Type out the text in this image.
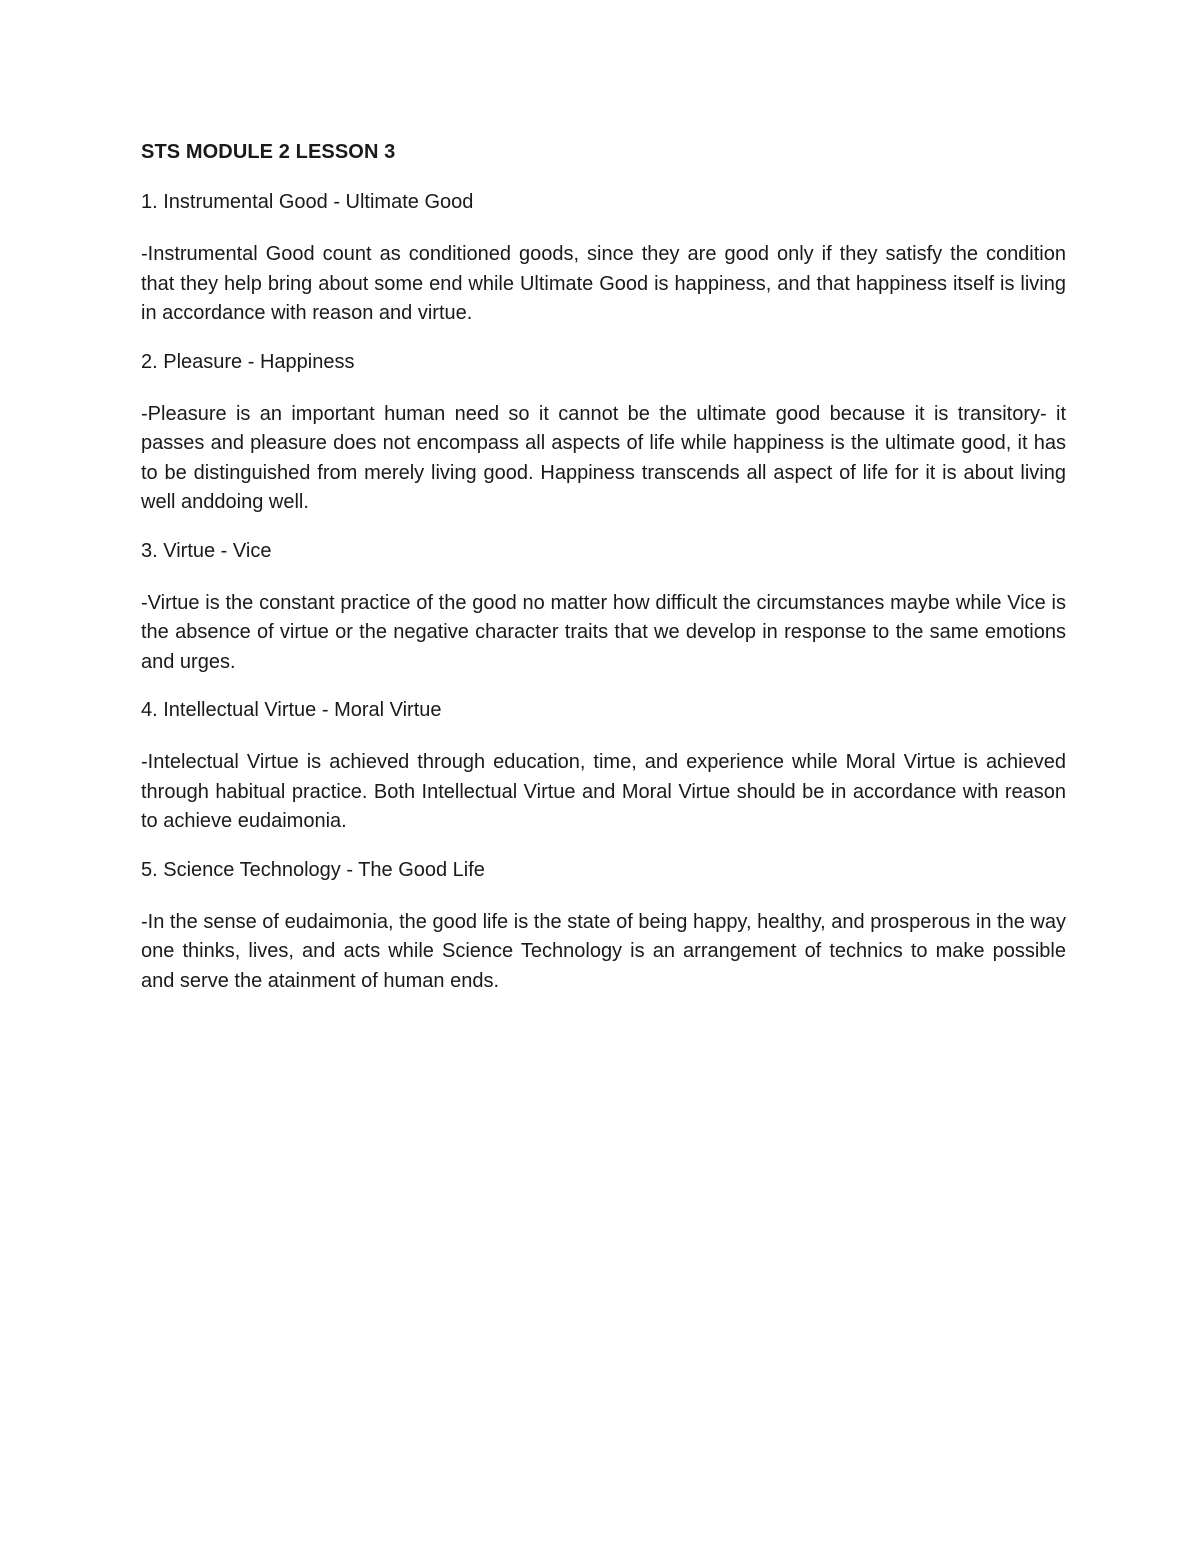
STS MODULE 2 LESSON 3
1. Instrumental Good - Ultimate Good
-Instrumental Good count as conditioned goods, since they are good only if they satisfy the condition that they help bring about some end while Ultimate Good is happiness, and that happiness itself is living in accordance with reason and virtue.
2. Pleasure - Happiness
-Pleasure is an important human need so it cannot be the ultimate good because it is transitory- it passes and pleasure does not encompass all aspects of life while happiness is the ultimate good, it has to be distinguished from merely living good. Happiness transcends all aspect of life for it is about living well anddoing well.
3. Virtue - Vice
-Virtue is the constant practice of the good no matter how difficult the circumstances maybe while Vice is the absence of virtue or the negative character traits that we develop in response to the same emotions and urges.
4. Intellectual Virtue - Moral Virtue
-Intelectual Virtue is achieved through education, time, and experience while Moral Virtue is achieved through habitual practice. Both Intellectual Virtue and Moral Virtue should be in accordance with reason to achieve eudaimonia.
5. Science Technology - The Good Life
-In the sense of eudaimonia, the good life is the state of being happy, healthy, and prosperous in the way one thinks, lives, and acts while Science Technology is an arrangement of technics to make possible and serve the atainment of human ends.
